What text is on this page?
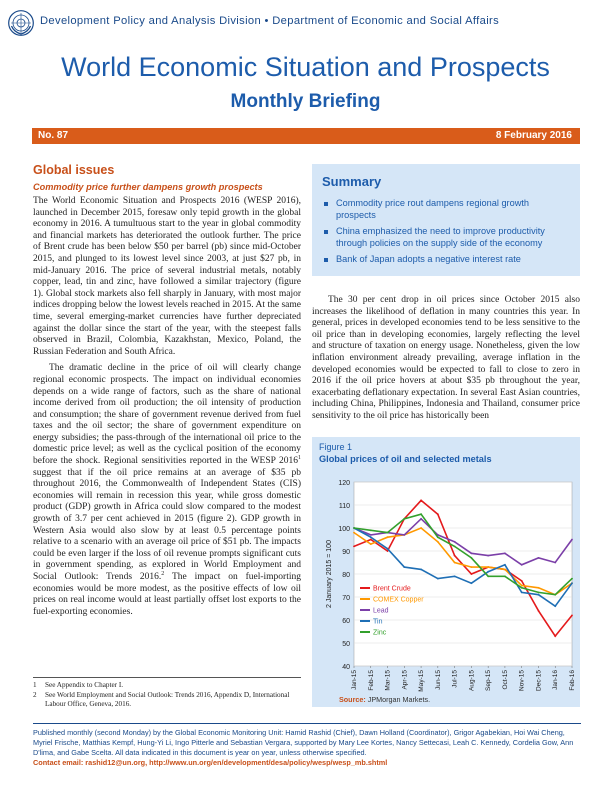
Development Policy and Analysis Division • Department of Economic and Social Affairs
World Economic Situation and Prospects
Monthly Briefing
No. 87	8 February 2016
Global issues
Commodity price further dampens growth prospects

The World Economic Situation and Prospects 2016 (WESP 2016), launched in December 2015, foresaw only tepid growth in the global economy in 2016. A tumultuous start to the year in global commodity and financial markets has deteriorated the outlook further. The price of Brent crude has been below $50 per barrel (pb) since mid-October 2015, and plunged to its lowest level since 2003, at just $27 pb, in mid-January 2016. The price of several industrial metals, notably copper, lead, tin and zinc, have followed a similar trajectory (figure 1). Global stock markets also fell sharply in January, with most major indices dropping below the lowest levels reached in 2015. At the same time, several emerging-market currencies have further depreciated against the dollar since the start of the year, with the steepest falls observed in Brazil, Colombia, Kazakhstan, Mexico, Poland, the Russian Federation and South Africa.

The dramatic decline in the price of oil will clearly change regional economic prospects. The impact on individual economies depends on a wide range of factors, such as the share of national income derived from oil production; the oil intensity of production and consumption; the share of government revenue derived from fuel taxes and the oil sector; the share of government expenditure on energy subsidies; the pass-through of the international oil price to the domestic price level; as well as the cyclical position of the economy before the shock. Regional sensitivities reported in the WESP 2016$^1$ suggest that if the oil price remains at an average of $35 pb throughout 2016, the Commonwealth of Independent States (CIS) economies will remain in recession this year, while gross domestic product (GDP) growth in Africa could slow compared to the modest growth of 3.7 per cent achieved in 2015 (figure 2). GDP growth in Western Asia would also slow by at least 0.5 percentage points relative to a scenario with an average oil price of $51 pb. The impacts could be even larger if the loss of oil revenue prompts significant cuts in government spending, as explored in World Employment and Social Outlook: Trends 2016.$^2$ The impact on fuel-importing economies would be more modest, as the positive effects of low oil prices on real income would at least partially offset lost exports to the fuel-exporting economies.

1	See Appendix to Chapter I.
2	See World Employment and Social Outlook: Trends 2016, Appendix D, International Labour Office, Geneva, 2016.
Summary
Commodity price rout dampens regional growth prospects
China emphasized the need to improve productivity through policies on the supply side of the economy
Bank of Japan adopts a negative interest rate

The 30 per cent drop in oil prices since October 2015 also increases the likelihood of deflation in many countries this year. In general, prices in developed economies tend to be less sensitive to the oil price than in developing economies, largely reflecting the level and structure of taxation on energy usage. Nonetheless, given the low inflation environment already prevailing, average inflation in the developed economies would be expected to fall to close to zero in 2016 if the oil price hovers at about $35 pb throughout the year, exacerbating deflationary expectation. In several East Asian countries, including China, Philippines, Indonesia and Thailand, consumer price sensitivity to the oil price has historically been

Figure 1
Global prices of oil and selected metals
40
50
60
70
80
90
100
110
120
Jan-15 Feb-15 Mar-15 Apr-15 May-15 Jun-15 Jul-15 Aug-15 Sep-15 Oct-15 Nov-15 Dec-15 Jan-16 Feb-16
2 January 2015 = 100	Brent Crude
COMEX Copper
Lead
Tin
Zinc
Source: JPMorgan Markets.
Published monthly (second Monday) by the Global Economic Monitoring Unit: Hamid Rashid (Chief), Dawn Holland (Coordinator), Grigor Agabekian, Hoi Wai Cheng, Myriel Frische, Matthias Kempf, Hung-Yi Li, Ingo Pitterle and Sebastian Vergara, supported by Mary Lee Kortes, Nancy Settecasi, Leah C. Kennedy, Cordelia Gow, Ann D'lima, and Gabe Scelta. All data indicated in this document is year on year, unless otherwise specified.
Contact email: rashid12@un.org, http://www.un.org/en/development/desa/policy/wesp/wesp_mb.shtml
